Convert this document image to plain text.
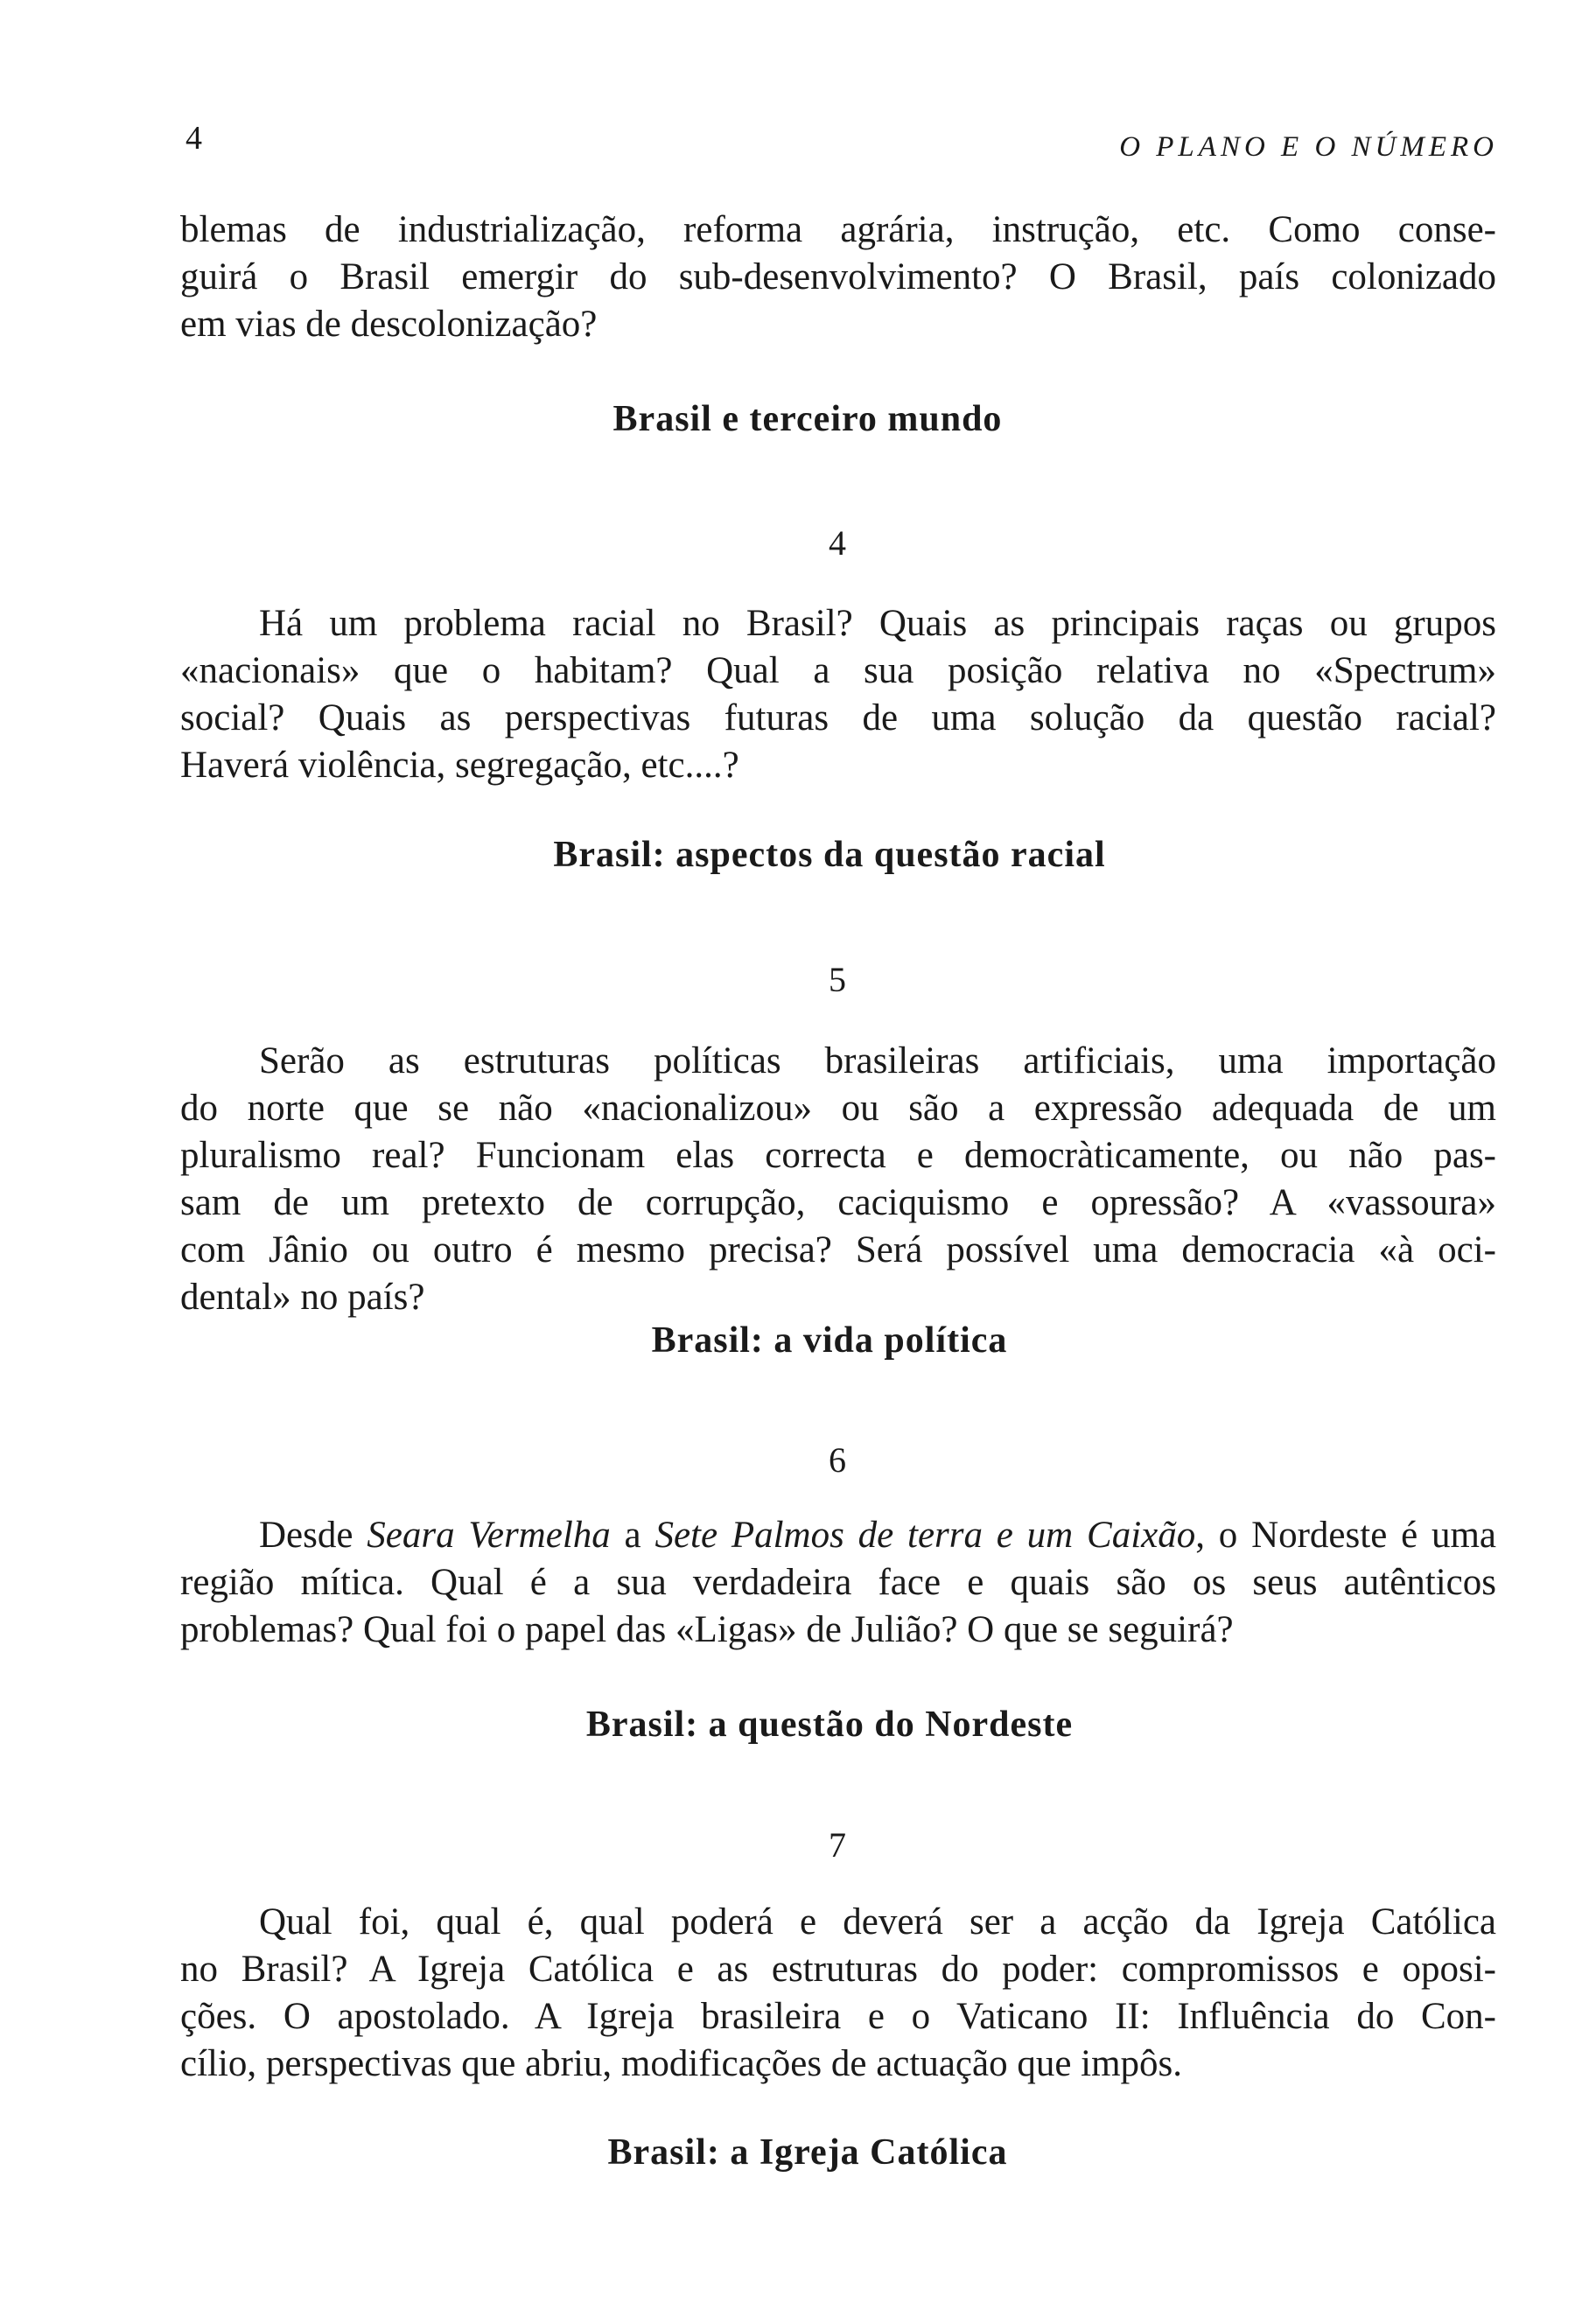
4	O PLANO E O NÚMERO
blemas de industrialização, reforma agrária, instrução, etc. Como conse-
guirá o Brasil emergir do sub-desenvolvimento? O Brasil, país colonizado
em vias de descolonização?
Brasil e terceiro mundo
4
Há um problema racial no Brasil? Quais as principais raças ou grupos
«nacionais» que o habitam? Qual a sua posição relativa no «Spectrum»
social? Quais as perspectivas futuras de uma solução da questão racial?
Haverá violência, segregação, etc....?
Brasil: aspectos da questão racial
5
Serão as estruturas políticas brasileiras artificiais, uma importação
do norte que se não «nacionalizou» ou são a expressão adequada de um
pluralismo real? Funcionam elas correcta e democràticamente, ou não pas-
sam de um pretexto de corrupção, caciquismo e opressão? A «vassoura»
com Jânio ou outro é mesmo precisa? Será possível uma democracia «à oci-
dental» no país?
Brasil: a vida política
6
Desde Seara Vermelha a Sete Palmos de terra e um Caixão, o Nordeste é uma
região mítica. Qual é a sua verdadeira face e quais são os seus autênticos
problemas? Qual foi o papel das «Ligas» de Julião? O que se seguirá?
Brasil: a questão do Nordeste
7
Qual foi, qual é, qual poderá e deverá ser a acção da Igreja Católica
no Brasil? A Igreja Católica e as estruturas do poder: compromissos e oposi-
ções. O apostolado. A Igreja brasileira e o Vaticano II: Influência do Con-
cílio, perspectivas que abriu, modificações de actuação que impôs.
Brasil: a Igreja Católica
